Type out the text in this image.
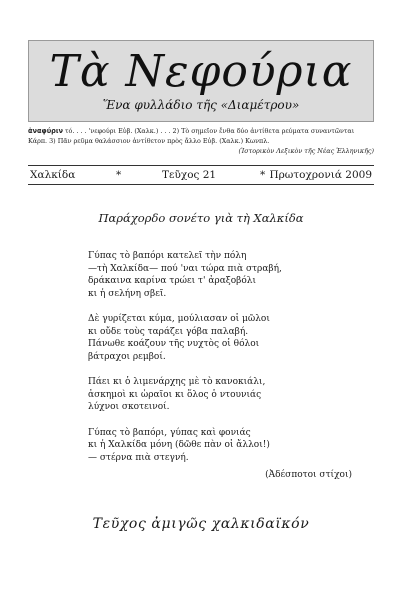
Τὰ Νεφούρια
Ἕνα φυλλάδιο τῆς «Διαμέτρου»
ἀναφύριν τό. . . . 'νεφούρι Εὐβ. (Χαλκ.) . . . 2) Τὸ σημεῖον ἔνθα δύο ἀντίθετα ρεύματα συναντῶνται
Κάρπ. 3) Πᾶν ρεῦμα θαλάσσιον ἀντίθετον πρὸς ἄλλο Εὐβ. (Χαλκ.) Κωνπλ.
(Ἱστορικὸν Λεξικὸν τῆς Νέας Ἑλληνικῆς)
Χαλκίδα	*	Τεῦχος 21	* Πρωτοχρονιά 2009
Παράχορδο σονέτο γιὰ τὴ Χαλκίδα
Γύπας τὸ βαπόρι κατελεῖ τὴν πόλη
—τὴ Χαλκίδα— πού 'ναι τώρα πιὰ στραβή,
δράκαινα καρίνα τρώει τ' ἀραξοβόλι
κι ἡ σελήνη σβεῖ.
Δὲ γυρίζεται κύμα, μούλιασαν οἱ μῶλοι
κι οὔδε τοὺς ταράζει γόβα παλαβή.
Πάνωθε κοάζουν τῆς νυχτὸς οἱ θόλοι
βάτραχοι ρεμβοί.
Πάει κι ὁ λιμενάρχης μὲ τὸ κανοκιάλι,
ἀσκημοὶ κι ὡραῖοι κι ὅλος ὁ ντουνιάς
λύχνοι σκοτεινοί.
Γύπας τὸ βαπόρι, γύπας καὶ φονιάς
κι ἡ Χαλκίδα μόνη (δῶθε πὰν οἱ ἄλλοι!)
— στέρνα πιὰ στεγνή.
(Ἀδέσποτοι στίχοι)
Τεῦχος ἀμιγῶς χαλκιδαϊκόν
